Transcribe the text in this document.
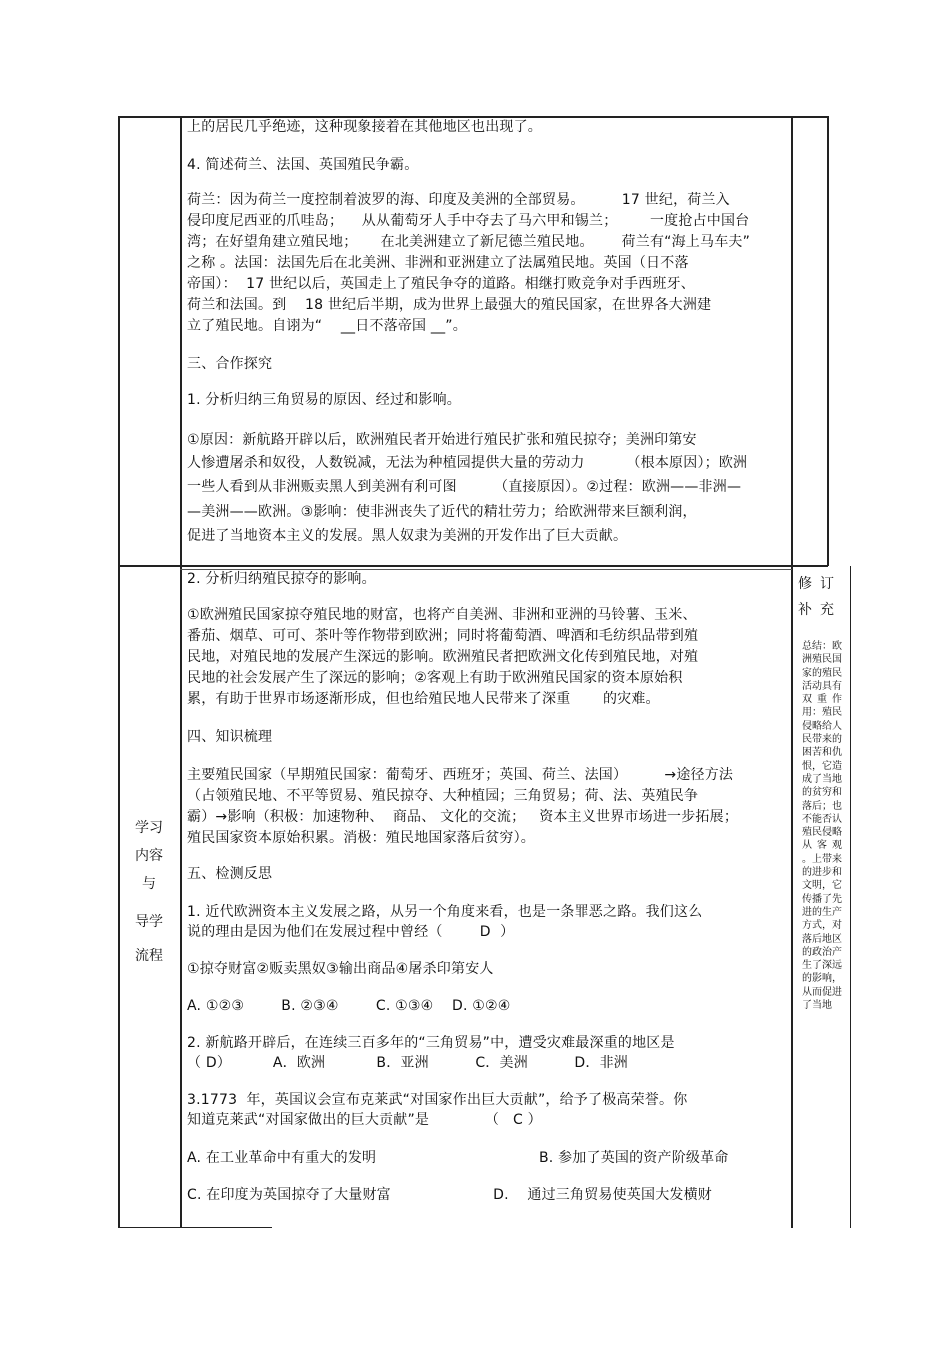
上的居民几乎绝迹，这种现象接着在其他地区也出现了。
4. 简述荷兰、法国、英国殖民争霸。
荷兰：因为荷兰一度控制着波罗的海、印度及美洲的全部贸易。        17 世纪，荷兰入
侵印度尼西亚的爪哇岛；    从从葡萄牙人手中夺去了马六甲和锡兰；       一度抢占中国台
湾；在好望角建立殖民地；     在北美洲建立了新尼德兰殖民地。      荷兰有“海上马车夫”
之称 。法国：法国先后在北美洲、非洲和亚洲建立了法属殖民地。英国（日不落
帝国）：  17 世纪以后，英国走上了殖民争夺的道路。相继打败竞争对手西班牙、
荷兰和法国。到    18 世纪后半期，成为世界上最强大的殖民国家，在世界各大洲建
立了殖民地。自诩为“    __日不落帝国 __”。
三、合作探究
1. 分析归纳三角贸易的原因、经过和影响。
①原因：新航路开辟以后，欧洲殖民者开始进行殖民扩张和殖民掠夺；美洲印第安
人惨遭屠杀和奴役，人数锐减，无法为种植园提供大量的劳动力         （根本原因）；欧洲
一些人看到从非洲贩卖黑人到美洲有利可图        （直接原因）。②过程：欧洲——非洲—
—美洲——欧洲。③影响：使非洲丧失了近代的精壮劳力；给欧洲带来巨额利润，
促进了当地资本主义的发展。黑人奴隶为美洲的开发作出了巨大贡献。
学习
内容
与
导学
流程
修订
补充
总结：欧洲殖民国家的殖民活动具有双重作用：殖民侵略给人民带来的困苦和仇恨，它造成了当地的贫穷和落后；也不能否认殖民侵略从客观 。上带来的进步和文明，它传播了先进的生产方式，对落后地区的政治产生了深远的影响，从而促进了当地
2. 分析归纳殖民掠夺的影响。
①欧洲殖民国家掠夺殖民地的财富，也将产自美洲、非洲和亚洲的马铃薯、玉米、
番茄、烟草、可可、茶叶等作物带到欧洲；同时将葡萄酒、啤酒和毛纺织品带到殖
民地，对殖民地的发展产生深远的影响。欧洲殖民者把欧洲文化传到殖民地，对殖
民地的社会发展产生了深远的影响；②客观上有助于欧洲殖民国家的资本原始积
累，有助于世界市场逐渐形成，但也给殖民地人民带来了深重       的灾难。
四、知识梳理
主要殖民国家（早期殖民国家：葡萄牙、西班牙；英国、荷兰、法国）        →途径方法
（占领殖民地、不平等贸易、殖民掠夺、大种植园；三角贸易；荷、法、英殖民争
霸）→影响（积极：加速物种、  商品、 文化的交流；   资本主义世界市场进一步拓展；
殖民国家资本原始积累。消极：殖民地国家落后贫穷）。
五、检测反思
1. 近代欧洲资本主义发展之路，从另一个角度来看，也是一条罪恶之路。我们这么
说的理由是因为他们在发展过程中曾经（        D  ）
①掠夺财富②贩卖黑奴③输出商品④屠杀印第安人
A. ①②③        B. ②③④        C. ①③④    D. ①②④
2. 新航路开辟后，在连续三百多年的“三角贸易”中，遭受灾难最深重的地区是
（ D）         A．欧洲           B．亚洲          C．美洲          D．非洲
3.1773  年，英国议会宣布克莱武“对国家作出巨大贡献”，给予了极高荣誉。你
知道克莱武“对国家做出的巨大贡献”是            （   C ）
A. 在工业革命中有重大的发明                                   B. 参加了英国的资产阶级革命
C. 在印度为英国掠夺了大量财富                      D.    通过三角贸易使英国大发横财
